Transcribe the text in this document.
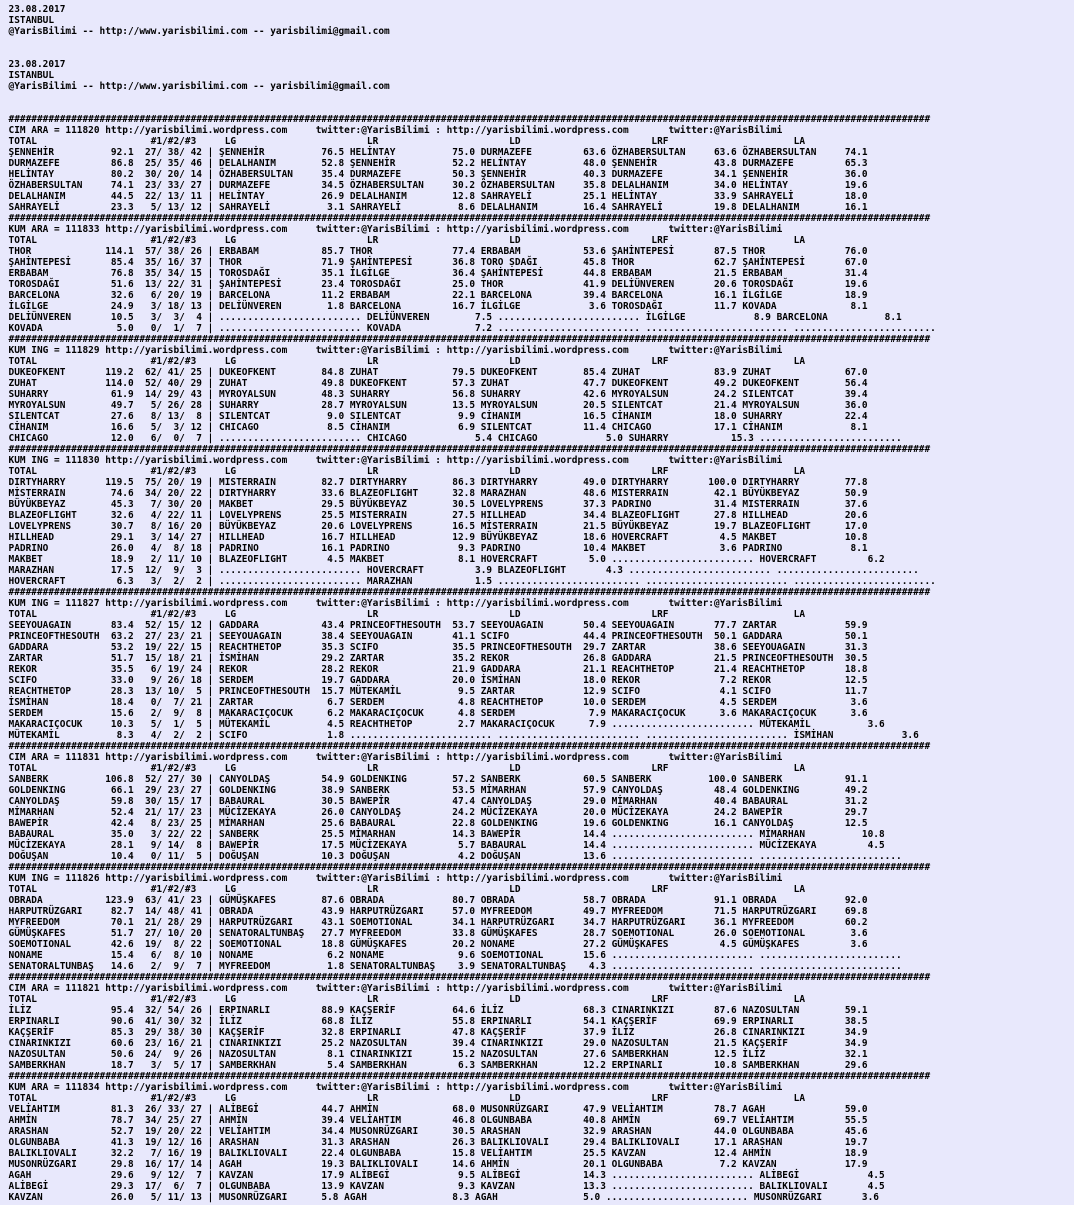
23.08.2017
ISTANBUL
@YarisBilimi -- http://www.yarisbilimi.com -- yarisbilimi@gmail.com

23.08.2017
ISTANBUL
@YarisBilimi -- http://www.yarisbilimi.com -- yarisbilimi@gmail.com

##################################################################################################################################################################
CIM ARA = 111820 http://yarisbilimi.wordpress.com     twitter:@YarisBilimi : http://yarisbilimi.wordpress.com       twitter:@YarisBilimi
TOTAL                    #1/#2/#3     LG                       LR                       LD                       LRF                      LA
ŞENNEHİR          92.1  27/ 38/ 42 | ŞENNEHİR          76.5 HELİNTAY          75.0 DURMAZEFE         63.6 ÖZHABERSULTAN     63.6 ÖZHABERSULTAN     74.1
DURMAZEFE         86.8  25/ 35/ 46 | DELALHANIM        52.8 ŞENNEHİR          52.2 HELİNTAY          48.0 ŞENNEHİR          43.8 DURMAZEFE         65.3
HELİNTAY          80.2  30/ 20/ 14 | ÖZHABERSULTAN     35.4 DURMAZEFE         50.3 ŞENNEHİR          40.3 DURMAZEFE         34.1 ŞENNEHİR          36.0
ÖZHABERSULTAN     74.1  23/ 33/ 27 | DURMAZEFE         34.5 ÖZHABERSULTAN     30.2 ÖZHABERSULTAN     35.8 DELALHANIM        34.0 HELİNTAY          19.6
DELALHANIM        44.5  22/ 13/ 11 | HELİNTAY          26.9 DELALHANIM        12.8 SAHRAYELİ         25.1 HELİNTAY          33.9 SAHRAYELİ         18.0
SAHRAYELİ         23.3   5/ 13/ 12 | SAHRAYELİ          3.1 SAHRAYELİ          8.6 DELALHANIM        16.4 SAHRAYELİ         19.8 DELALHANIM        16.1
##################################################################################################################################################################
KUM ARA = 111833 http://yarisbilimi.wordpress.com     twitter:@YarisBilimi : http://yarisbilimi.wordpress.com       twitter:@YarisBilimi
TOTAL                    #1/#2/#3     LG                       LR                       LD                       LRF                      LA
THOR             114.1  57/ 38/ 26 | ERBABAM           85.7 THOR              77.4 ERBABAM           53.6 ŞAHİNTEPESİ       87.5 THOR              76.0
ŞAHİNTEPESİ       85.4  35/ 16/ 37 | THOR              71.9 ŞAHİNTEPESİ       36.8 TORO ṢDAĞI        45.8 THOR              62.7 ŞAHİNTEPESİ       67.0
ERBABAM           76.8  35/ 34/ 15 | TOROSDAĞI         35.1 İLGİLGE           36.4 ŞAHİNTEPESİ       44.8 ERBABAM           21.5 ERBABAM           31.4
TOROSDAĞI         51.6  13/ 22/ 31 | ŞAHİNTEPESİ       23.4 TOROSDAĞI         25.0 THOR              41.9 DELİÜNVEREN       20.6 TOROSDAĞI         19.6
BARCELONA         32.6   6/ 20/ 19 | BARCELONA         11.2 ERBABAM           22.1 BARCELONA         39.4 BARCELONA         16.1 İLGİLGE           18.9
İLGİLGE           24.9   3/ 18/ 13 | DELİÜNVEREN        1.8 BARCELONA         16.7 İLGİLGE            3.6 TOROSDAĞI         11.7 KOVADA             8.1
DELİÜNVEREN       10.5   3/  3/  4 | ......................... DELİÜNVEREN        7.5 ......................... İLGİLGE            8.9 BARCELONA          8.1
KOVADA             5.0   0/  1/  7 | ......................... KOVADA             7.2 ......................... ......................... .........................
##################################################################################################################################################################
KUM ING = 111829 http://yarisbilimi.wordpress.com     twitter:@YarisBilimi : http://yarisbilimi.wordpress.com       twitter:@YarisBilimi
TOTAL                    #1/#2/#3     LG                       LR                       LD                       LRF                      LA
DUKEOFKENT       119.2  62/ 41/ 25 | DUKEOFKENT        84.8 ZUHAT             79.5 DUKEOFKENT        85.4 ZUHAT             83.9 ZUHAT             67.0
ZUHAT            114.0  52/ 40/ 29 | ZUHAT             49.8 DUKEOFKENT        57.3 ZUHAT             47.7 DUKEOFKENT        49.2 DUKEOFKENT        56.4
SUHARRY           61.9  14/ 29/ 43 | MYROYALSUN        48.3 SUHARRY           56.8 SUHARRY           42.6 MYROYALSUN        24.2 SILENTCAT         39.4
MYROYALSUN        49.7   5/ 26/ 28 | SUHARRY           28.7 MYROYALSUN        13.5 MYROYALSUN        20.5 SILENTCAT         21.4 MYROYALSUN        36.0
SILENTCAT         27.6   8/ 13/  8 | SILENTCAT          9.0 SILENTCAT          9.9 CİHANIM           16.5 CİHANIM           18.0 SUHARRY           22.4
CİHANIM           16.6   5/  3/ 12 | CHICAGO            8.5 CİHANIM            6.9 SILENTCAT         11.4 CHICAGO           17.1 CİHANIM            8.1
CHICAGO           12.0   6/  0/  7 | ......................... CHICAGO            5.4 CHICAGO            5.0 SUHARRY           15.3 .........................
##################################################################################################################################################################
KUM ING = 111830 http://yarisbilimi.wordpress.com     twitter:@YarisBilimi : http://yarisbilimi.wordpress.com       twitter:@YarisBilimi
TOTAL                    #1/#2/#3     LG                       LR                       LD                       LRF                      LA
DIRTYHARRY       119.5  75/ 20/ 19 | MISTERRAIN        82.7 DIRTYHARRY        86.3 DIRTYHARRY        49.0 DIRTYHARRY       100.0 DIRTYHARRY        77.8
MİSTERRAIN        74.6  34/ 20/ 22 | DIRTYHARRY        33.6 BLAZEOFLIGHT      32.8 MARAZHAN          48.6 MISTERRAIN        42.1 BÜYÜKBEYAZ        50.9
BÜYÜKBEYAZ        45.3   7/ 30/ 20 | MAKBET            29.5 BÜYÜKBEYAZ        30.5 LOVELYPRENS       37.3 PADRINO           31.4 MISTERRAIN        37.6
BLAZEOFLIGHT      32.6   4/ 22/ 11 | LOVELYPRENS       25.5 MISTERRAIN        27.5 HILLHEAD          34.4 BLAZEOFLIGHT      27.8 HILLHEAD          20.6
LOVELYPRENS       30.7   8/ 16/ 20 | BÜYÜKBEYAZ        20.6 LOVELYPRENS       16.5 MİSTERRAIN        21.5 BÜYÜKBEYAZ        19.7 BLAZEOFLIGHT      17.0
HILLHEAD          29.1   3/ 14/ 27 | HILLHEAD          16.7 HILLHEAD          12.9 BÜYÜKBEYAZ        18.6 HOVERCRAFT         4.5 MAKBET            10.8
PADRINO           26.0   4/  8/ 18 | PADRINO           16.1 PADRINO            9.3 PADRINO           10.4 MAKBET             3.6 PADRINO            8.1
MAKBET            18.9   2/ 11/ 10 | BLAZEOFLIGHT       4.5 MAKBET             8.1 HOVERCRAFT         5.0 ......................... HOVERCRAFT         6.2
MARAZHAN          17.5  12/  9/  3 | ......................... HOVERCRAFT         3.9 BLAZEOFLIGHT       4.3 ......................... .........................
HOVERCRAFT         6.3   3/  2/  2 | ......................... MARAZHAN           1.5 ......................... ......................... .........................
##################################################################################################################################################################
KUM ING = 111827 http://yarisbilimi.wordpress.com     twitter:@YarisBilimi : http://yarisbilimi.wordpress.com       twitter:@YarisBilimi
TOTAL                    #1/#2/#3     LG                       LR                       LD                       LRF                      LA
SEEYOUAGAIN       83.4  52/ 15/ 12 | GADDARA           43.4 PRINCEOFTHESOUTH  53.7 SEEYOUAGAIN       50.4 SEEYOUAGAIN       77.7 ZARTAR            59.9
PRINCEOFTHESOUTH  63.2  27/ 23/ 21 | SEEYOUAGAIN       38.4 SEEYOUAGAIN       41.1 SCIFO             44.4 PRINCEOFTHESOUTH  50.1 GADDARA           50.1
GADDARA           53.2  19/ 22/ 15 | REACHTHETOP       35.3 SCIFO             35.5 PRINCEOFTHESOUTH  29.7 ZARTAR            38.6 SEEYOUAGAIN       31.3
ZARTAR            51.7  15/ 18/ 21 | İSMİHAN           29.2 ZARTAR            35.2 REKOR             26.8 GADDARA           21.5 PRINCEOFTHESOUTH  30.5
REKOR             35.5   6/ 19/ 24 | REKOR             28.2 REKOR             21.9 GADDARA           21.1 REACHTHETOP       21.4 REACHTHETOP       18.8
SCIFO             33.0   9/ 26/ 18 | SERDEM            19.7 GADDARA           20.0 İSMİHAN           18.0 REKOR              7.2 REKOR             12.5
REACHTHETOP       28.3  13/ 10/  5 | PRINCEOFTHESOUTH  15.7 MÜTEKAMİL          9.5 ZARTAR            12.9 SCIFO              4.1 SCIFO             11.7
İSMİHAN           18.4   0/  7/ 21 | ZARTAR             6.7 SERDEM             4.8 REACHTHETOP       10.0 SERDEM             4.5 SERDEM             3.6
SERDEM            15.6   2/  9/  8 | MAKARACIÇOCUK      6.2 MAKARACIÇOCUK      4.8 SERDEM             7.9 MAKARACIÇOCUK      3.6 MAKARACIÇOCUK      3.6
MAKARACIÇOCUK     10.3   5/  1/  5 | MÜTEKAMİL          4.5 REACHTHETOP        2.7 MAKARACIÇOCUK      7.9 ......................... MÜTEKAMİL          3.6
MÜTEKAMİL          8.3   4/  2/  2 | SCIFO              1.8 ......................... ......................... ......................... İSMİHAN            3.6
##################################################################################################################################################################
CIM ARA = 111831 http://yarisbilimi.wordpress.com     twitter:@YarisBilimi : http://yarisbilimi.wordpress.com       twitter:@YarisBilimi
TOTAL                    #1/#2/#3     LG                       LR                       LD                       LRF                      LA
SANBERK          106.8  52/ 27/ 30 | CANYOLDAŞ         54.9 GOLDENKING        57.2 SANBERK           60.5 SANBERK          100.0 SANBERK           91.1
GOLDENKING        66.1  29/ 23/ 27 | GOLDENKING        38.9 SANBERK           53.5 MİMARHAN          57.9 CANYOLDAŞ         48.4 GOLDENKING        49.2
CANYOLDAŞ         59.8  30/ 15/ 17 | BABAURAL          30.5 BAWEPİR           47.4 CANYOLDAŞ         29.0 MİMARHAN          40.4 BABAURAL          31.2
MİMARHAN          52.4  21/ 17/ 23 | MÜCİZEKAYA        26.0 CANYOLDAŞ         24.2 MÜCİZEKAYA        20.0 MÜCİZEKAYA        24.2 BAWEPİR           29.7
BAWEPİR           42.4   8/ 23/ 25 | MİMARHAN          25.6 BABAURAL          22.8 GOLDENKING        19.6 GOLDENKING        16.1 CANYOLDAŞ         12.5
BABAURAL          35.0   3/ 22/ 22 | SANBERK           25.5 MİMARHAN          14.3 BAWEPİR           14.4 ......................... MİMARHAN          10.8
MÜCİZEKAYA        28.1   9/ 14/  8 | BAWEPİR           17.5 MÜCİZEKAYA         5.7 BABAURAL          14.4 ......................... MÜCİZEKAYA         4.5
DOĞUŞAN           10.4   0/ 11/  5 | DOĞUŞAN           10.3 DOĞUŞAN            4.2 DOĞUŞAN           13.6 ......................... .........................
##################################################################################################################################################################
KUM ING = 111826 http://yarisbilimi.wordpress.com     twitter:@YarisBilimi : http://yarisbilimi.wordpress.com       twitter:@YarisBilimi
TOTAL                    #1/#2/#3     LG                       LR                       LD                       LRF                      LA
OBRADA           123.9  63/ 41/ 23 | GÜMÜŞKAFES        87.6 OBRADA            80.7 OBRADA            58.7 OBRADA            91.1 OBRADA            92.0
HARPUTRÜZGARI     82.7  14/ 48/ 41 | OBRADA            43.9 HARPUTRÜZGARI     57.0 MYFREEDOM         49.7 MYFREEDOM         71.5 HARPUTRÜZGARI     69.8
MYFREEDOM         70.1  21/ 28/ 29 | HARPUTRÜZGARI     43.1 SOEMOTIONAL       34.1 HARPUTRÜZGARI     34.7 HARPUTRÜZGARI     36.1 MYFREEDOM         60.2
GÜMÜŞKAFES        51.7  27/ 10/ 20 | SENATORALTUNBAŞ   27.7 MYFREEDOM         33.8 GÜMÜŞKAFES        28.7 SOEMOTIONAL       26.0 SOEMOTIONAL        3.6
SOEMOTIONAL       42.6  19/  8/ 22 | SOEMOTIONAL       18.8 GÜMÜŞKAFES        20.2 NONAME            27.2 GÜMÜŞKAFES         4.5 GÜMÜŞKAFES         3.6
NONAME            15.4   6/  8/ 10 | NONAME             6.2 NONAME             9.6 SOEMOTIONAL       15.6 ......................... .........................
SENATORALTUNBAŞ   14.6   2/  9/  7 | MYFREEDOM          1.8 SENATORALTUNBAŞ    3.9 SENATORALTUNBAŞ    4.3 ......................... .........................
##################################################################################################################################################################
CIM ARA = 111821 http://yarisbilimi.wordpress.com     twitter:@YarisBilimi : http://yarisbilimi.wordpress.com       twitter:@YarisBilimi
TOTAL                    #1/#2/#3     LG                       LR                       LD                       LRF                      LA
İLİZ              95.4  32/ 54/ 26 | ERPINARLI         88.9 KAÇŞERİF          64.6 İLİZ              68.3 CINARINKIZI       87.6 NAZOSULTAN        59.1
ERPINARLI         90.6  41/ 30/ 32 | İLİZ              68.8 İLİZ              55.8 ERPINARLI         54.1 KAÇŞERİF          69.9 ERPINARLI         38.5
KAÇŞERİF          85.3  29/ 38/ 30 | KAÇŞERİF          32.8 ERPINARLI         47.8 KAÇŞERİF          37.9 İLİZ              26.8 CINARINKIZI       34.9
CINARINKIZI       60.6  23/ 16/ 21 | CINARINKIZI       25.2 NAZOSULTAN        39.4 CINARINKIZI       29.0 NAZOSULTAN        21.5 KAÇŞERİF          34.9
NAZOSULTAN        50.6  24/  9/ 26 | NAZOSULTAN         8.1 CINARINKIZI       15.2 NAZOSULTAN        27.6 SAMBERKHAN        12.5 İLİZ              32.1
SAMBERKHAN        18.7   3/  5/ 17 | SAMBERKHAN         5.4 SAMBERKHAN         6.3 SAMBERKHAN        12.2 ERPINARLI         10.8 SAMBERKHAN        29.6
##################################################################################################################################################################
KUM ARA = 111834 http://yarisbilimi.wordpress.com     twitter:@YarisBilimi : http://yarisbilimi.wordpress.com       twitter:@YarisBilimi
TOTAL                    #1/#2/#3     LG                       LR                       LD                       LRF                      LA
VELİAHTIM         81.3  26/ 33/ 27 | ALİBEGİ           44.7 AHMİN             68.0 MUSONRÜZGARI      47.9 VELİAHTIM         78.7 AGAH              59.0
AHMİN             78.7  34/ 25/ 27 | AHMİN             39.4 VELİAHTIM         46.8 OLGUNBABA         40.8 AHMİN             69.7 VELİAHTIM         55.5
ARASHAN           52.7  19/ 20/ 22 | VELİAHTIM         34.4 MUSONRÜZGARI      30.5 ARASHAN           32.9 ARASHAN           44.0 OLGUNBABA         45.6
OLGUNBABA         41.3  19/ 12/ 16 | ARASHAN           31.3 ARASHAN           26.3 BALIKLIOVALI      29.4 BALIKLIOVALI      17.1 ARASHAN           19.7
BALIKLIOVALI      32.2   7/ 16/ 19 | BALIKLIOVALI      22.4 OLGUNBABA         15.8 VELİAHTIM         25.5 KAVZAN            12.4 AHMİN             18.9
MUSONRÜZGARI      29.8  16/ 17/ 14 | AGAH              19.3 BALIKLIOVALI      14.6 AHMİN             20.1 OLGUNBABA          7.2 KAVZAN            17.9
AGAH              29.6   9/ 12/  7 | KAVZAN            17.9 ALİBEGİ            9.5 ALİBEGİ           14.3 ......................... ALİBEGİ            4.5
ALİBEGİ           29.3  17/  6/  7 | OLGUNBABA         13.9 KAVZAN             9.3 KAVZAN            13.3 ......................... BALIKLIOVALI       4.5
KAVZAN            26.0   5/ 11/ 13 | MUSONRÜZGARI      5.8 AGAH               8.3 AGAH               5.0 ......................... MUSONRÜZGARI       3.6
